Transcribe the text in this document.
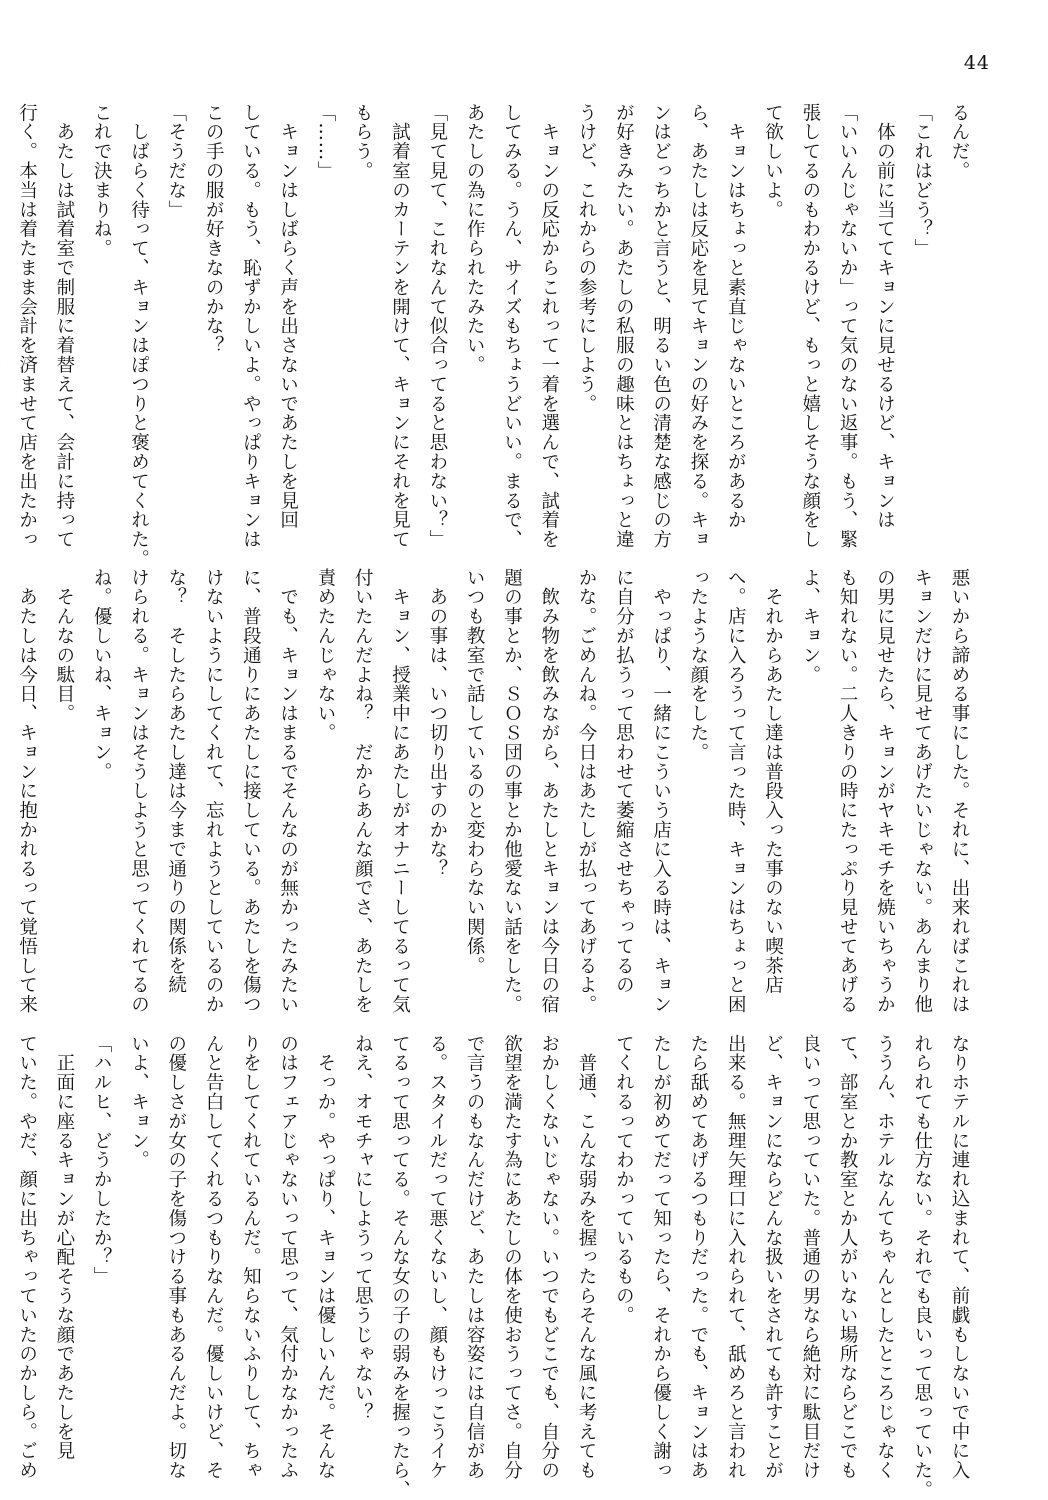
44

るんだ。

「これはどう？」

　体の前に当ててキョンに見せるけど、キョンは

「いいんじゃないか」って気のない返事。もう、緊

張してるのもわかるけど、もっと嬉しそうな顔をし

て欲しいよ。

　キョンはちょっと素直じゃないところがあるか

ら、あたしは反応を見てキョンの好みを探る。キョ

ンはどっちかと言うと、明るい色の清楚な感じの方

が好きみたい。あたしの私服の趣味とはちょっと違

うけど、これからの参考にしよう。

　キョンの反応からこれって一着を選んで、試着を

してみる。うん、サイズもちょうどいい。まるで、

あたしの為に作られたみたい。

「見て見て、これなんて似合ってると思わない？」

　試着室のカーテンを開けて、キョンにそれを見て

もらう。

「……」

　キョンはしばらく声を出さないであたしを見回

している。もう、恥ずかしいよ。やっぱりキョンは

この手の服が好きなのかな？

「そうだな」

　しばらく待って、キョンはぽつりと褒めてくれた。

これで決まりね。

　あたしは試着室で制服に着替えて、会計に持って

行く。本当は着たまま会計を済ませて店を出たかっ

悪いから諦める事にした。それに、出来ればこれは

キョンだけに見せてあげたいじゃない。あんまり他

の男に見せたら、キョンがヤキモチを焼いちゃうか

も知れない。二人きりの時にたっぷり見せてあげる

よ、キョン。

　それからあたし達は普段入った事のない喫茶店

へ。店に入ろうって言った時、キョンはちょっと困

ったような顔をした。

　やっぱり、一緒にこういう店に入る時は、キョン

に自分が払うって思わせて萎縮させちゃってるの

かな。ごめんね。今日はあたしが払ってあげるよ。

　飲み物を飲みながら、あたしとキョンは今日の宿

題の事とか、ＳＯＳ団の事とか他愛ない話をした。

いつも教室で話しているのと変わらない関係。

　あの事は、いつ切り出すのかな？

　キョン、授業中にあたしがオナニーしてるって気

付いたんだよね？　だからあんな顔でさ、あたしを

責めたんじゃない。

　でも、キョンはまるでそんなのが無かったみたい

に、普段通りにあたしに接している。あたしを傷つ

けないようにしてくれて、忘れようとしているのか

な？　そしたらあたし達は今まで通りの関係を続

けられる。キョンはそうしようと思ってくれてるの

ね。優しいね、キョン。

　そんなの駄目。

　あたしは今日、キョンに抱かれるって覚悟して来

なりホテルに連れ込まれて、前戯もしないで中に入

れられても仕方ない。それでも良いって思っていた。

ううん、ホテルなんてちゃんとしたところじゃなく

て、部室とか教室とか人がいない場所ならどこでも

良いって思っていた。普通の男なら絶対に駄目だけ

ど、キョンにならどんな扱いをされても許すことが

出来る。無理矢理口に入れられて、舐めろと言われ

たら舐めてあげるつもりだった。でも、キョンはあ

たしが初めてだって知ったら、それから優しく謝っ

てくれるってわかっているもの。

　普通、こんな弱みを握ったらそんな風に考えても

おかしくないじゃない。いつでもどこでも、自分の

欲望を満たす為にあたしの体を使おうってさ。自分

で言うのもなんだけど、あたしは容姿には自信があ

る。スタイルだって悪くないし、顔もけっこうイケ

てるって思ってる。そんな女の子の弱みを握ったら、

ねえ、オモチャにしようって思うじゃない？

　そっか。やっぱり、キョンは優しいんだ。そんな

のはフェアじゃないって思って、気付かなかったふ

りをしてくれているんだ。知らないふりして、ちゃ

んと告白してくれるつもりなんだ。優しいけど、そ

の優しさが女の子を傷つける事もあるんだよ。切な

いよ、キョン。

「ハルヒ、どうかしたか？」

　正面に座るキョンが心配そうな顔であたしを見

ていた。やだ、顔に出ちゃっていたのかしら。ごめ
